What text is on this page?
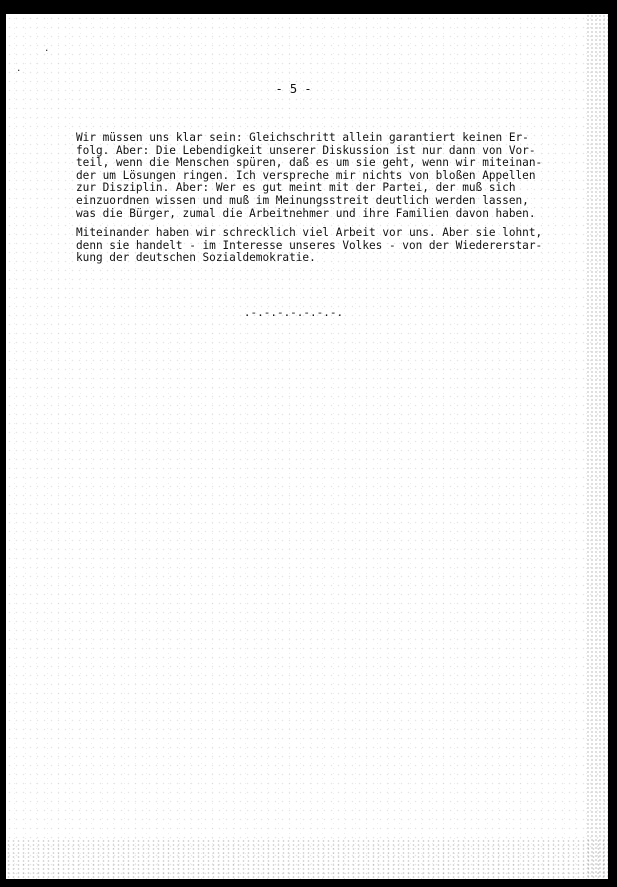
.
.
- 5 -
Wir müssen uns klar sein: Gleichschritt allein garantiert keinen Er-
folg. Aber: Die Lebendigkeit unserer Diskussion ist nur dann von Vor-
teil, wenn die Menschen spüren, daß es um sie geht, wenn wir miteinan-
der um Lösungen ringen. Ich verspreche mir nichts von bloßen Appellen
zur Disziplin. Aber: Wer es gut meint mit der Partei, der muß sich
einzuordnen wissen und muß im Meinungsstreit deutlich werden lassen,
was die Bürger, zumal die Arbeitnehmer und ihre Familien davon haben.
Miteinander haben wir schrecklich viel Arbeit vor uns. Aber sie lohnt,
denn sie handelt - im Interesse unseres Volkes - von der Wiedererstar-
kung der deutschen Sozialdemokratie.
.-.-.-.-.-.-.-.
